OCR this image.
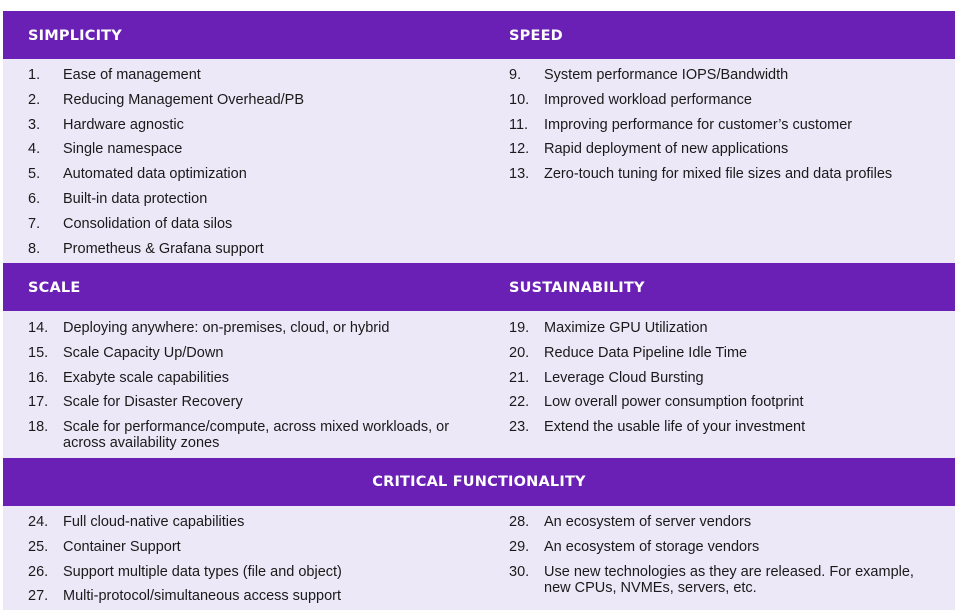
SIMPLICITY	SPEED
1. Ease of management
2. Reducing Management Overhead/PB
3. Hardware agnostic
4. Single namespace
5. Automated data optimization
6. Built-in data protection
7. Consolidation of data silos
8. Prometheus & Grafana support
9. System performance IOPS/Bandwidth
10. Improved workload performance
11. Improving performance for customer’s customer
12. Rapid deployment of new applications
13. Zero-touch tuning for mixed file sizes and data profiles
SCALE	SUSTAINABILITY
14. Deploying anywhere: on-premises, cloud, or hybrid
15. Scale Capacity Up/Down
16. Exabyte scale capabilities
17. Scale for Disaster Recovery
18. Scale for performance/compute, across mixed workloads, or across availability zones
19. Maximize GPU Utilization
20. Reduce Data Pipeline Idle Time
21. Leverage Cloud Bursting
22. Low overall power consumption footprint
23. Extend the usable life of your investment
CRITICAL FUNCTIONALITY
24. Full cloud-native capabilities
25. Container Support
26. Support multiple data types (file and object)
27. Multi-protocol/simultaneous access support
28. An ecosystem of server vendors
29. An ecosystem of storage vendors
30. Use new technologies as they are released. For example, new CPUs, NVMEs, servers, etc.
